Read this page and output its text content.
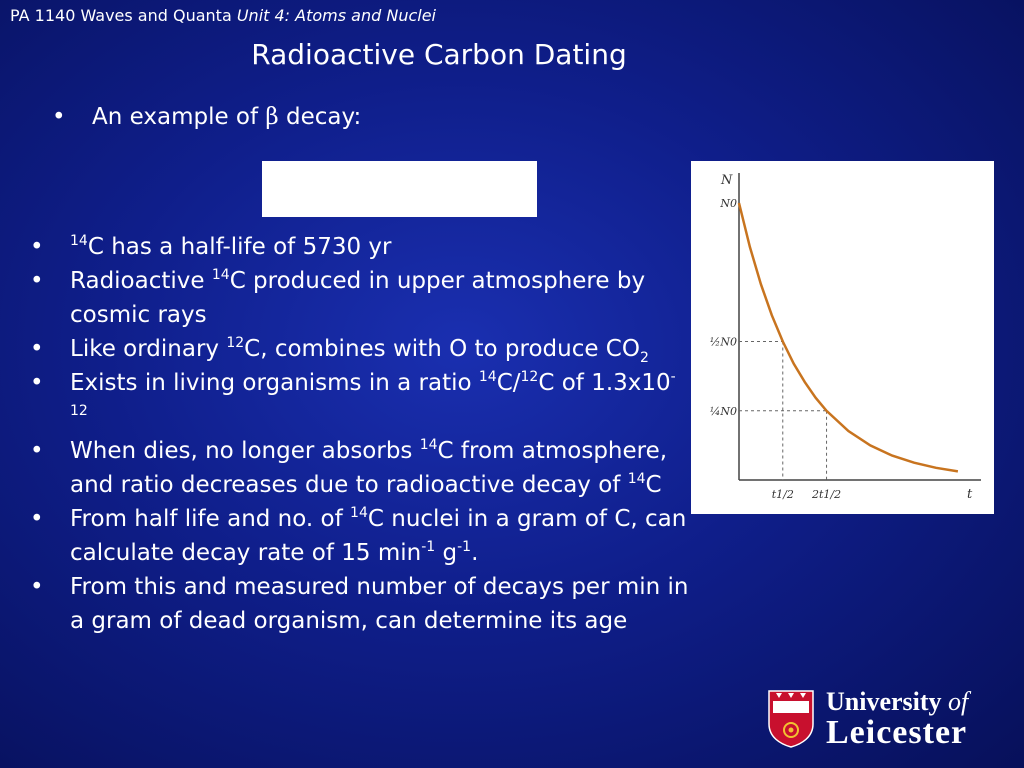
PA 1140 Waves and Quanta Unit 4: Atoms and Nuclei
Radioactive Carbon Dating
• An example of β decay:
• $^{14}$C has a half-life of 5730 yr
• Radioactive $^{14}$C produced in upper atmosphere by cosmic rays
• Like ordinary $^{12}$C, combines with O to produce $CO_2$
• Exists in living organisms in a ratio $^{14}$C/$^{12}$C of $1.3x10^{-12}$
• When dies, no longer absorbs $^{14}$C from atmosphere, and ratio decreases due to radioactive decay of $^{14}$C
• From half life and no. of $^{14}$C nuclei in a gram of C, can calculate decay rate of 15 $\min^{-1} g^{-1}$.
• From this and measured number of decays per min in a gram of dead organism, can determine its age
N
t
N0
½N0
¼N0
t1/2 2t1/2
University of
Leicester
